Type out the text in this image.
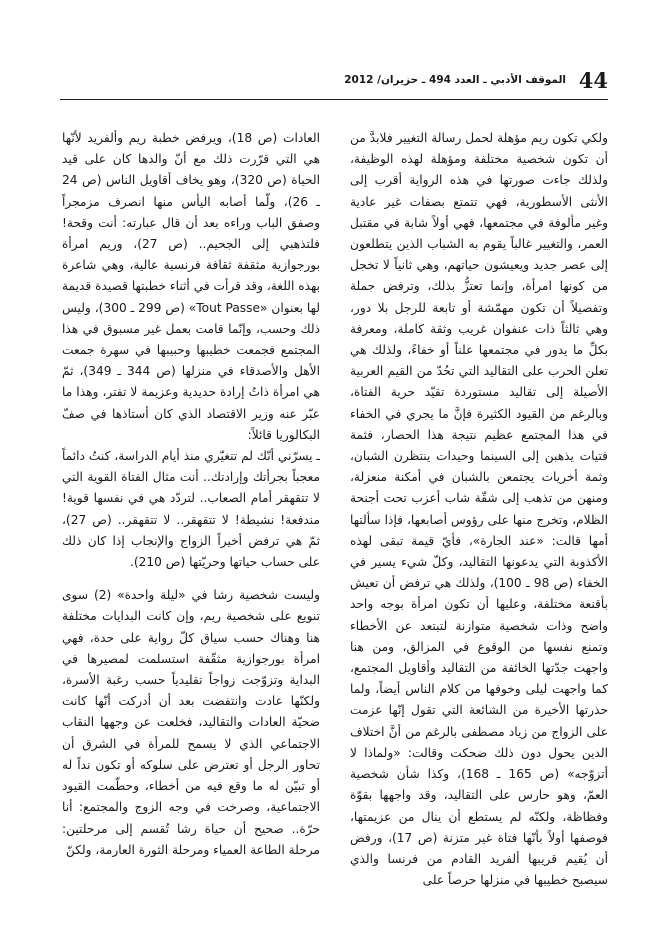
44
الموقف الأدبي ـ العدد 494 ـ حزيران/ 2012

ولكي تكون ريم مؤهلة لحمل رسالة التغيير فلابدَّ من أن تكون شخصية مختلفة ومؤهلة لهذه الوظيفة، ولذلك جاءت صورتها في هذه الرواية أقرب إلى الأنثى الأسطورية، فهي تتمتع بصفات غير عادية وغير مألوفة في مجتمعها، فهي أولاً شابة في مقتبل العمر، والتغيير غالباً يقوم به الشباب الذين يتطلعون إلى عصر جديد ويعيشون حياتهم، وهي ثانياً لا تخجل من كونها امرأة، وإنما تعتزُّ بذلك، وترفض جملة وتفصيلاً أن تكون مهمّشة أو تابعة للرجل بلا دور، وهي ثالثاً ذات عنفوان غريب وثقة كاملة، ومعرفة بكلِّ ما يدور في مجتمعها علناً أو خفاءً، ولذلك هي تعلن الحرب على التقاليد التي تحُدّ من القيم العربية الأصيلة إلى تقاليد مستوردة تقيّد حرية الفتاة، وبالرغم من القيود الكثيرة فإنَّ ما يجري في الخفاء في هذا المجتمع عظيم نتيجة هذا الحصار، فثمة فتيات يذهبن إلى السينما وحيدات ينتظرن الشبان، وثمة أخريات يجتمعن بالشبان في أمكنة منعزلة، ومنهن من تذهب إلى شقّة شاب أعزب تحت أجنحة الظلام، وتخرج منها على رؤوس أصابعها، فإذا سألتها أمها قالت: «عند الجارة»، فأيّ قيمة تبقى لهذه الأكذوبة التي يدعونها التقاليد، وكلّ شيء يسير في الخفاء (ص 98 ـ 100)، ولذلك هي ترفض أن تعيش بأقنعة مختلفة، وعليها أن تكون امرأة بوجه واحد واضح وذات شخصية متوازنة لتبتعد عن الأخطاء وتمنع نفسها من الوقوع في المزالق، ومن هنا واجهت جدّتها الخائفة من التقاليد وأقاويل المجتمع، كما واجهت ليلى وخوفها من كلام الناس أيضاً، ولما حذرتها الأخيرة من الشائعة التي تقول إنّها عزمت على الزواج من زياد مصطفى بالرغم من أنَّ اختلاف الدين يحول دون ذلك ضحكت وقالت: «ولماذا لا أتزوّجه» (ص 165 ـ 168)، وكذا شأن شخصية العمّ، وهو حارس على التقاليد، وقد واجهها بقوّة وفظاظة، ولكنّه لم يستطع أن ينال من عزيمتها، فوصفها أولاً بأنّها فتاة غير متزنة (ص 17)، ورفض أن يُقيم قريبها ألفريد القادم من فرنسا والذي سيصبح خطيبها في منزلها حرصاً على

العادات (ص 18)، ويرفض خطبة ريم وألفريد لأنّها هي التي قرّرت ذلك مع أنّ والدها كان على قيد الحياة (ص 320)، وهو يخاف أقاويل الناس (ص 24 ـ 26)، ولّما أصابه اليأس منها انصرف مزمجراً وصفق الباب وراءه بعد أن قال عبارته: أنت وقحة! فلتذهبي إلى الجحيم.. (ص 27)، وريم امرأة بورجوازية مثقفة ثقافة فرنسية عالية، وهي شاعرة بهذه اللغة، وقد قرأت في أثناء خطبتها قصيدة قديمة لها بعنوان «Tout Passe» (ص 299 ـ 300)، وليس ذلك وحسب، وإنّما قامت بعمل غير مسبوق في هذا المجتمع فجمعت خطيبها وحبيبها في سهرة جمعت الأهل والأصدقاء في منزلها (ص 344 ـ 349)، ثمّ هي امرأة ذاتُ إرادة حديدية وعزيمة لا تفتر، وهذا ما عبّر عنه وزير الاقتصاد الذي كان أستاذها في صفّ البكالوريا قائلاً:

ـ يسرّني أنّك لم تتغيّري منذ أيام الدراسة، كنتُ دائماً معجباً بجرأتك وإرادتك.. أنت مثال الفتاة القوية التي لا تتقهقر أمام الصعاب.. لتردّد هي في نفسها قوية! مندفعة! نشيطة! لا تتقهقر.. لا تتقهقر.. (ص 27)، ثمّ هي ترفض أخيراً الزواج والإنجاب إذا كان ذلك على حساب حياتها وحريّتها (ص 210).

وليست شخصية رشا في «ليلة واحدة» (2) سوى تنويع على شخصية ريم، وإن كانت البدايات مختلفة هنا وهناك حسب سياق كلّ رواية على حدة، فهي امرأة بورجوازية مثقّفة استسلمت لمصيرها في البداية وتزوّجت زواجاً تقليدياً حسب رغبة الأسرة، ولكنّها عادت وانتفضت بعد أن أدركت أنّها كانت ضحيّة العادات والتقاليد، فخلعت عن وجهها النقاب الاجتماعي الذي لا يسمح للمرأة في الشرق أن تحاور الرجل أو تعترض على سلوكه أو تكون نداً له أو تبيّن له ما وقع فيه من أخطاء، وحطّمت القيود الاجتماعية، وصرخت في وجه الزوج والمجتمع: أنا حرّة.. صحيح أن حياة رشا تُقسم إلى مرحلتين: مرحلة الطاعة العمياء ومرحلة الثورة العارمة، ولكنّ
